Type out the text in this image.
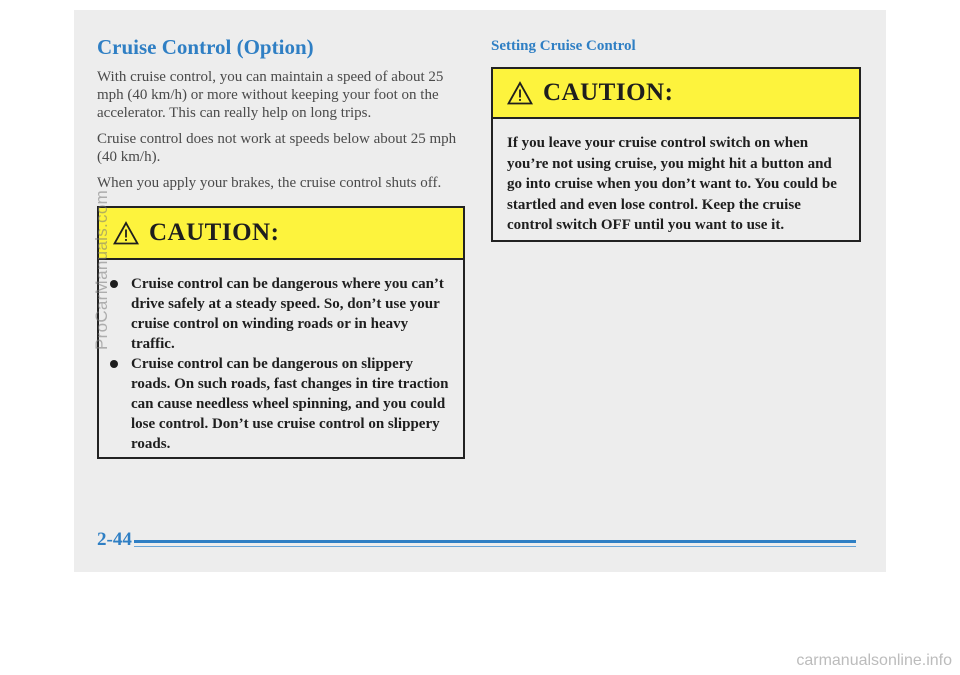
Cruise Control (Option)

With cruise control, you can maintain a speed of about 25 mph (40 km/h) or more without keeping your foot on the accelerator. This can really help on long trips.

Cruise control does not work at speeds below about 25 mph (40 km/h).

When you apply your brakes, the cruise control shuts off.

CAUTION:

Cruise control can be dangerous where you can’t drive safely at a steady speed. So, don’t use your cruise control on winding roads or in heavy traffic.

Cruise control can be dangerous on slippery roads. On such roads, fast changes in tire traction can cause needless wheel spinning, and you could lose control. Don’t use cruise control on slippery roads.

Setting Cruise Control
CAUTION:

If you leave your cruise control switch on when you’re not using cruise, you might hit a button and go into cruise when you don’t want to. You could be startled and even lose control. Keep the cruise control switch OFF until you want to use it.

2-44
ProCarManuals.com
carmanualsonline.info
